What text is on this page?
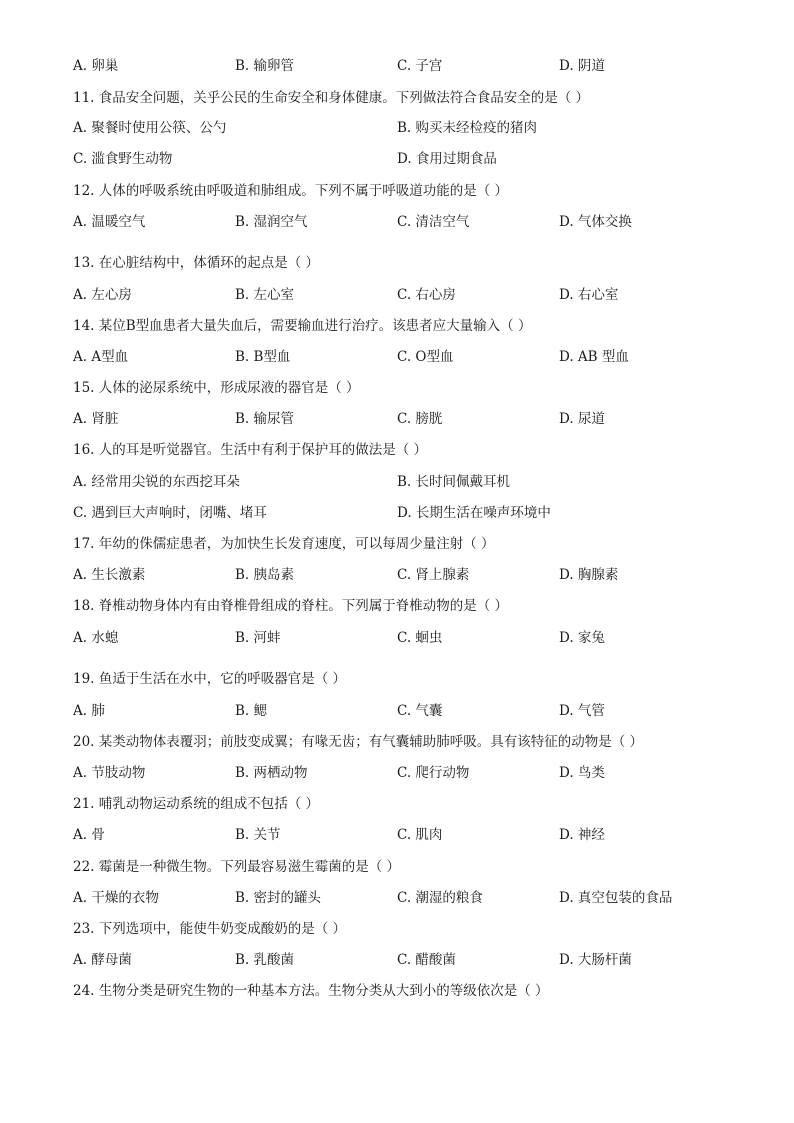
A. 卵巢	B. 输卵管	C. 子宫	D. 阴道
11. 食品安全问题，关乎公民的生命安全和身体健康。下列做法符合食品安全的是（ ）
A. 聚餐时使用公筷、公勺	B. 购买未经检疫的猪肉
C. 滥食野生动物	D. 食用过期食品
12. 人体的呼吸系统由呼吸道和肺组成。下列不属于呼吸道功能的是（ ）
A. 温暖空气	B. 湿润空气	C. 清洁空气	D. 气体交换
13. 在心脏结构中，体循环的起点是（ ）
A. 左心房	B. 左心室	C. 右心房	D. 右心室
14. 某位B型血患者大量失血后，需要输血进行治疗。该患者应大量输入（ ）
A. A型血	B. B型血	C. O型血	D. AB 型血
15. 人体的泌尿系统中，形成尿液的器官是（ ）
A. 肾脏	B. 输尿管	C. 膀胱	D. 尿道
16. 人的耳是听觉器官。生活中有利于保护耳的做法是（ ）
A. 经常用尖锐的东西挖耳朵	B. 长时间佩戴耳机
C. 遇到巨大声响时，闭嘴、堵耳	D. 长期生活在噪声环境中
17. 年幼的侏儒症患者，为加快生长发育速度，可以每周少量注射（ ）
A. 生长激素	B. 胰岛素	C. 肾上腺素	D. 胸腺素
18. 脊椎动物身体内有由脊椎骨组成的脊柱。下列属于脊椎动物的是（ ）
A. 水螅	B. 河蚌	C. 蛔虫	D. 家兔
19. 鱼适于生活在水中，它的呼吸器官是（ ）
A. 肺	B. 鳃	C. 气囊	D. 气管
20. 某类动物体表覆羽；前肢变成翼；有喙无齿；有气囊辅助肺呼吸。具有该特征的动物是（ ）
A. 节肢动物	B. 两栖动物	C. 爬行动物	D. 鸟类
21. 哺乳动物运动系统的组成不包括（ ）
A. 骨	B. 关节	C. 肌肉	D. 神经
22. 霉菌是一种微生物。下列最容易滋生霉菌的是（ ）
A. 干燥的衣物	B. 密封的罐头	C. 潮湿的粮食	D. 真空包装的食品
23. 下列选项中，能使牛奶变成酸奶的是（ ）
A. 酵母菌	B. 乳酸菌	C. 醋酸菌	D. 大肠杆菌
24. 生物分类是研究生物的一种基本方法。生物分类从大到小的等级依次是（ ）
